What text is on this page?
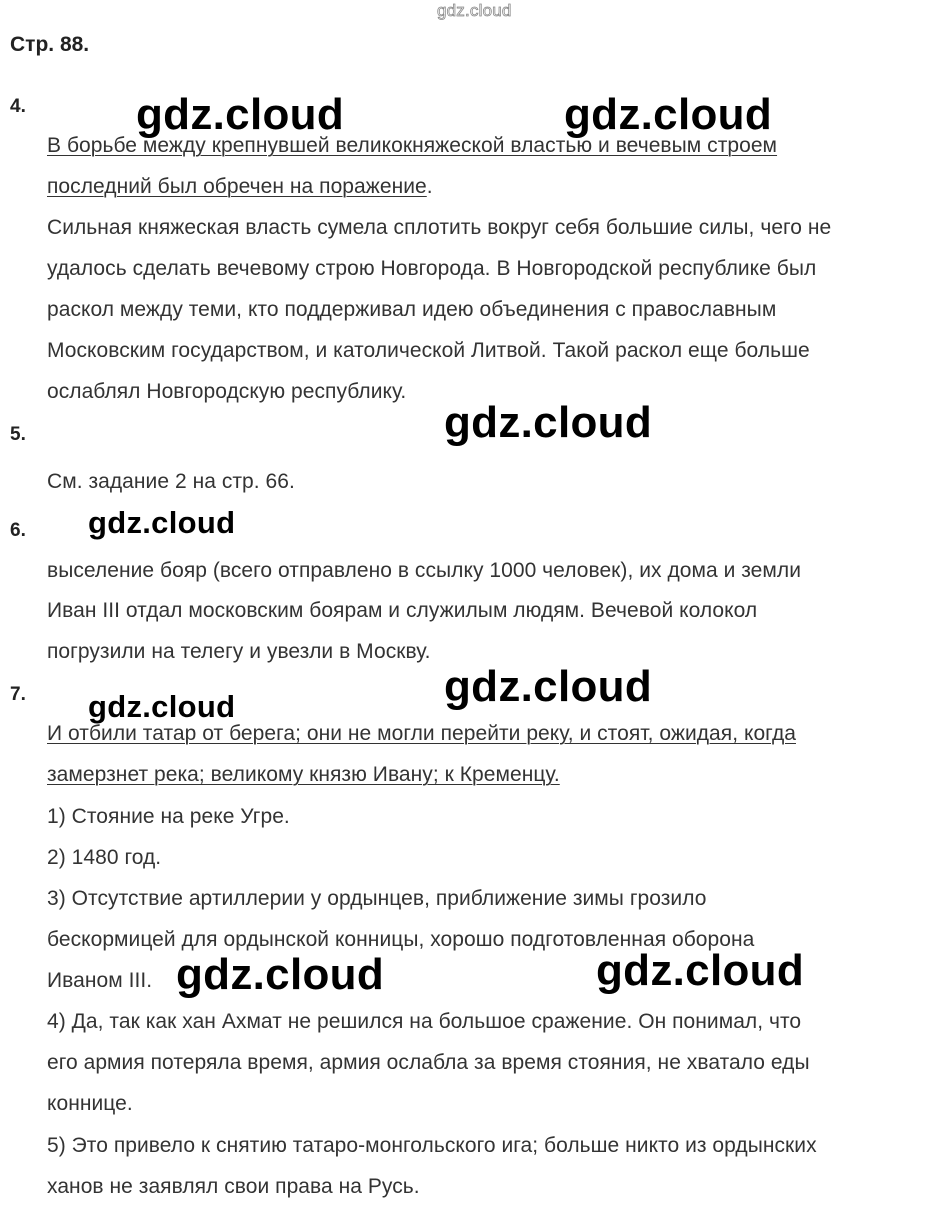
gdz.cloud
Стр. 88.
4.
В борьбе между крепнувшей великокняжеской властью и вечевым строем
последний был обречен на поражение.
Сильная княжеская власть сумела сплотить вокруг себя большие силы, чего не
удалось сделать вечевому строю Новгорода. В Новгородской республике был
раскол между теми, кто поддерживал идею объединения с православным
Московским государством, и католической Литвой. Такой раскол еще больше
ослаблял Новгородскую республику.
5.
См. задание 2 на стр. 66.
6.
выселение бояр (всего отправлено в ссылку 1000 человек), их дома и земли
Иван III отдал московским боярам и служилым людям. Вечевой колокол
погрузили на телегу и увезли в Москву.
7.
И отбили татар от берега; они не могли перейти реку, и стоят, ожидая, когда
замерзнет река; великому князю Ивану; к Кременцу.
1) Стояние на реке Угре.
2) 1480 год.
3) Отсутствие артиллерии у ордынцев, приближение зимы грозило
бескормицей для ордынской конницы, хорошо подготовленная оборона
Иваном III.
4) Да, так как хан Ахмат не решился на большое сражение. Он понимал, что
его армия потеряла время, армия ослабла за время стояния, не хватало еды
коннице.
5) Это привело к снятию татаро-монгольского ига; больше никто из ордынских
ханов не заявлял свои права на Русь.
gdz.cloud	gdz.cloud
gdz.cloud
gdz.cloud
gdz.cloud
gdz.cloud
gdz.cloud	gdz.cloud
